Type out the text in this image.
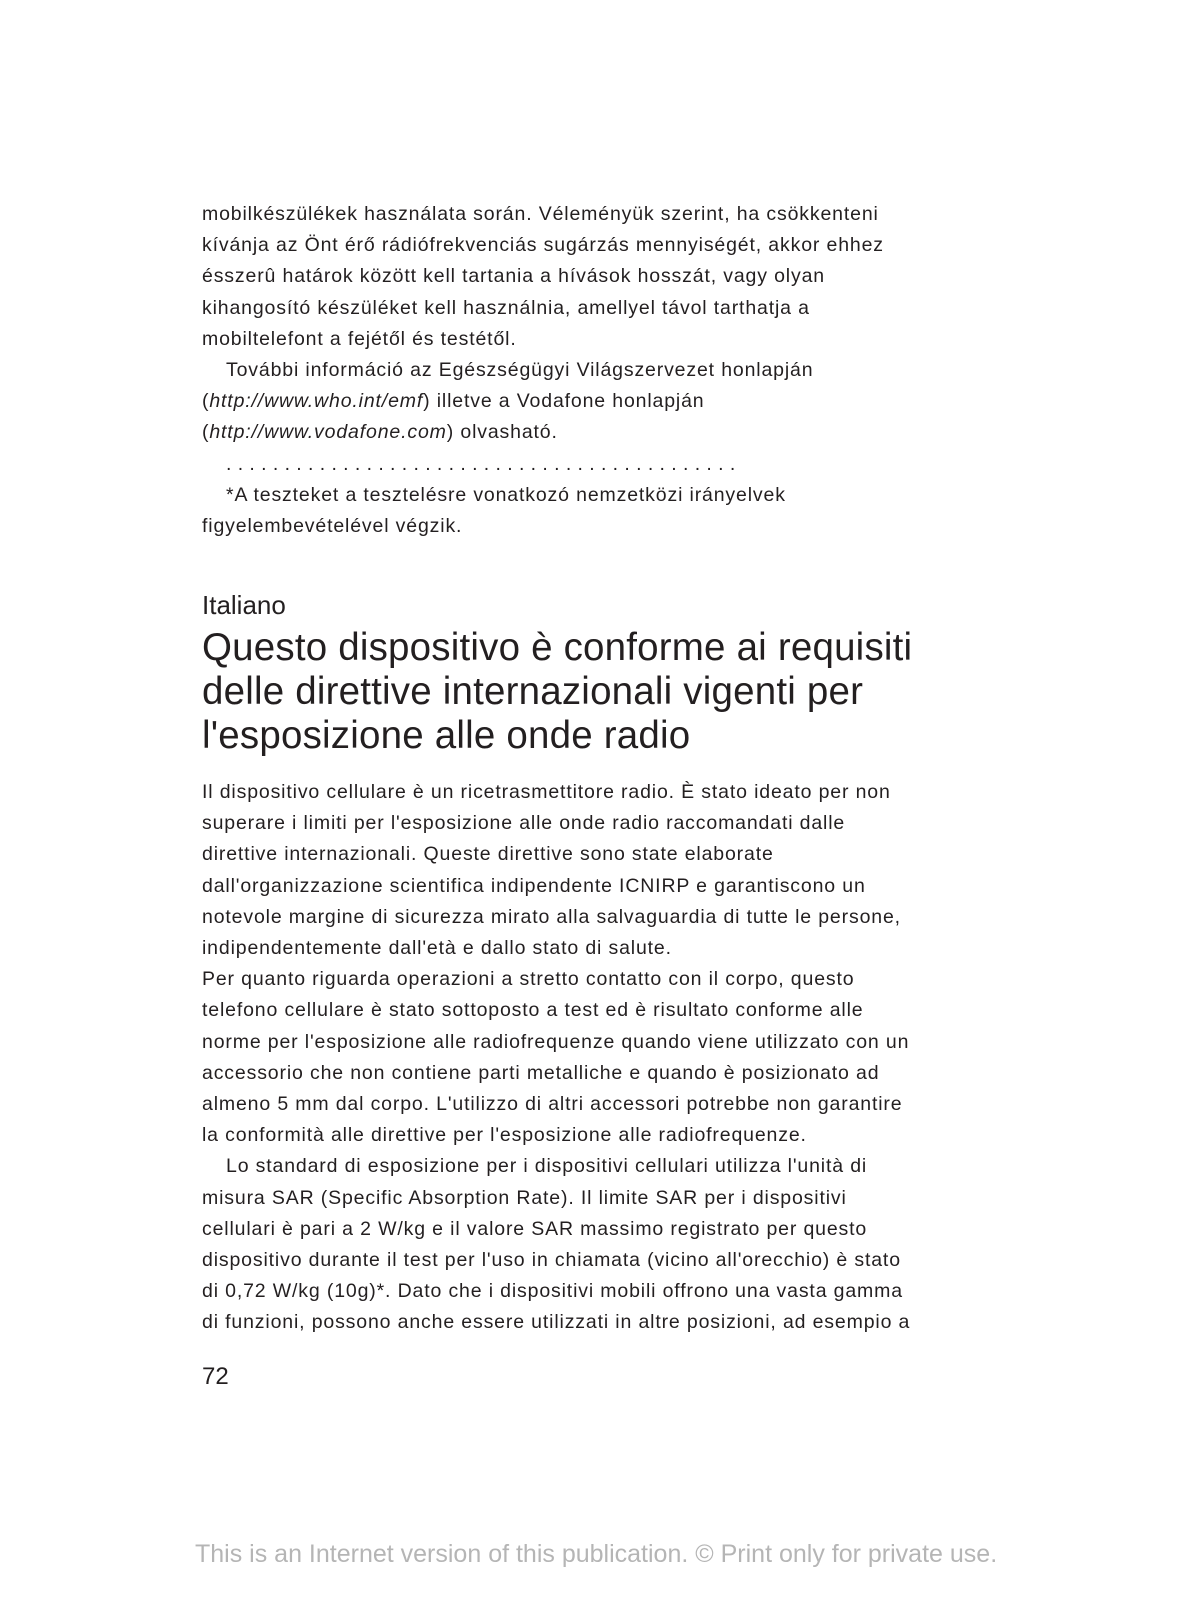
mobilkészülékek használata során. Véleményük szerint, ha csökkenteni
kívánja az Önt érő rádiófrekvenciás sugárzás mennyiségét, akkor ehhez
ésszerû határok között kell tartania a hívások hosszát, vagy olyan
kihangosító készüléket kell használnia, amellyel távol tarthatja a
mobiltelefont a fejétől és testétől.

További információ az Egészségügyi Világszervezet honlapján
(http://www.who.int/emf) illetve a Vodafone honlapján
(http://www.vodafone.com) olvasható.

............................................

*A teszteket a tesztelésre vonatkozó nemzetközi irányelvek
figyelembevételével végzik.

Italiano

Questo dispositivo è conforme ai requisiti
delle direttive internazionali vigenti per
l'esposizione alle onde radio

Il dispositivo cellulare è un ricetrasmettitore radio. È stato ideato per non
superare i limiti per l'esposizione alle onde radio raccomandati dalle
direttive internazionali. Queste direttive sono state elaborate
dall'organizzazione scientifica indipendente ICNIRP e garantiscono un
notevole margine di sicurezza mirato alla salvaguardia di tutte le persone,
indipendentemente dall'età e dallo stato di salute.

Per quanto riguarda operazioni a stretto contatto con il corpo, questo
telefono cellulare è stato sottoposto a test ed è risultato conforme alle
norme per l'esposizione alle radiofrequenze quando viene utilizzato con un
accessorio che non contiene parti metalliche e quando è posizionato ad
almeno 5 mm dal corpo. L'utilizzo di altri accessori potrebbe non garantire
la conformità alle direttive per l'esposizione alle radiofrequenze.

Lo standard di esposizione per i dispositivi cellulari utilizza l'unità di
misura SAR (Specific Absorption Rate). Il limite SAR per i dispositivi
cellulari è pari a 2 W/kg e il valore SAR massimo registrato per questo
dispositivo durante il test per l'uso in chiamata (vicino all'orecchio) è stato
di 0,72 W/kg (10g)*. Dato che i dispositivi mobili offrono una vasta gamma
di funzioni, possono anche essere utilizzati in altre posizioni, ad esempio a

72

This is an Internet version of this publication. © Print only for private use.
